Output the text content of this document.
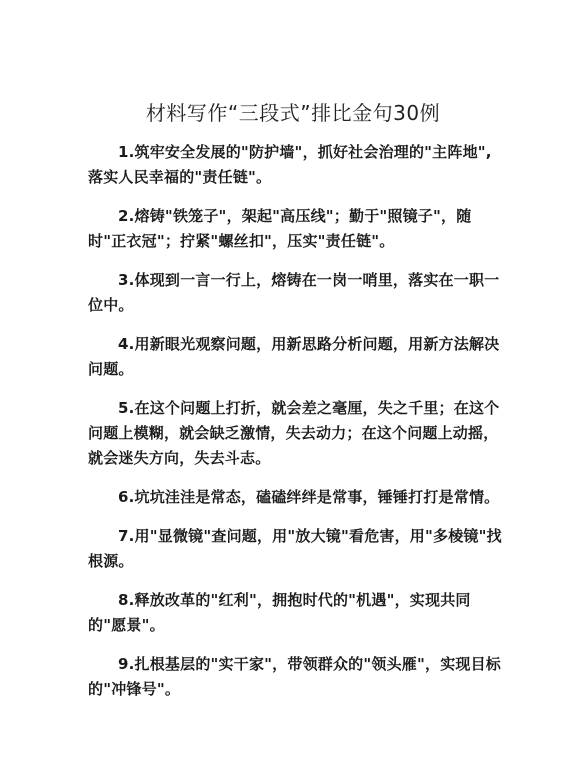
材料写作“三段式”排比金句30例

1.筑牢安全发展的"防护墙"，抓好社会治理的"主阵地",落实人民幸福的"责任链"。

2.熔铸"铁笼子"，架起"高压线"；勤于"照镜子"，随时"正衣冠"；拧紧"螺丝扣"，压实"责任链"。

3.体现到一言一行上，熔铸在一岗一哨里，落实在一职一位中。

4.用新眼光观察问题，用新思路分析问题，用新方法解决问题。

5.在这个问题上打折，就会差之毫厘，失之千里；在这个问题上模糊，就会缺乏激情，失去动力；在这个问题上动摇，就会迷失方向，失去斗志。

6.坑坑洼洼是常态，磕磕绊绊是常事，锤锤打打是常情。

7.用"显微镜"查问题，用"放大镜"看危害，用"多棱镜"找根源。

8.释放改革的"红利"，拥抱时代的"机遇"，实现共同的"愿景"。

9.扎根基层的"实干家"，带领群众的"领头雁"，实现目标的"冲锋号"。
